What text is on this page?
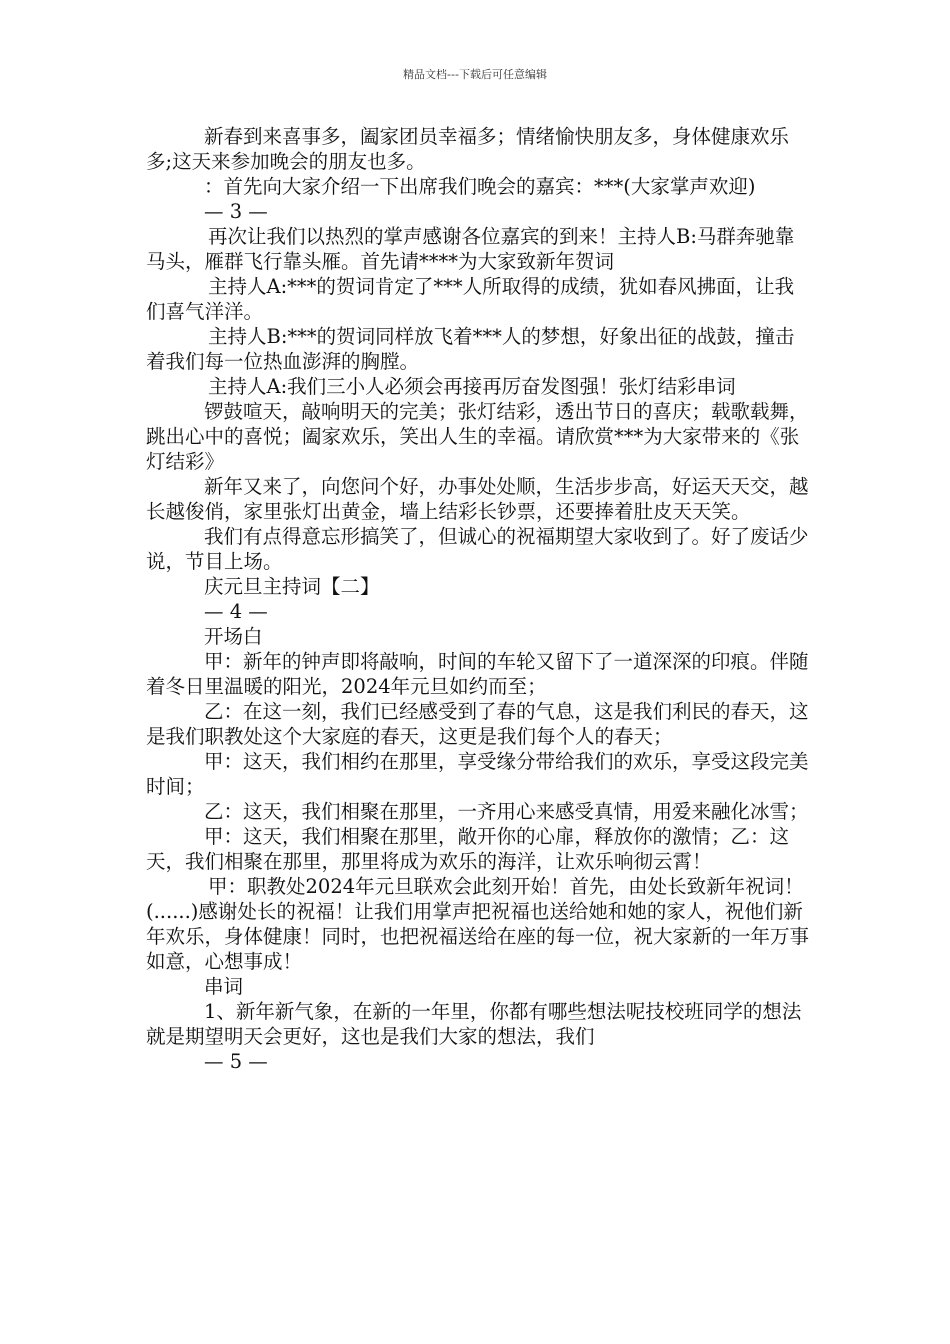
精品文档---下载后可任意编辑
新春到来喜事多，阖家团员幸福多；情绪愉快朋友多，身体健康欢乐多;这天来参加晚会的朋友也多。
：首先向大家介绍一下出席我们晚会的嘉宾：***(大家掌声欢迎)
— 3 —
再次让我们以热烈的掌声感谢各位嘉宾的到来！主持人B:马群奔驰靠马头，雁群飞行靠头雁。首先请****为大家致新年贺词
主持人A:***的贺词肯定了***人所取得的成绩，犹如春风拂面，让我们喜气洋洋。
主持人B:***的贺词同样放飞着***人的梦想，好象出征的战鼓，撞击着我们每一位热血澎湃的胸膛。
主持人A:我们三小人必须会再接再厉奋发图强！张灯结彩串词
锣鼓喧天，敲响明天的完美；张灯结彩，透出节日的喜庆；载歌载舞，跳出心中的喜悦；阖家欢乐，笑出人生的幸福。请欣赏***为大家带来的《张灯结彩》
新年又来了，向您问个好，办事处处顺，生活步步高，好运天天交，越长越俊俏，家里张灯出黄金，墙上结彩长钞票，还要捧着肚皮天天笑。
我们有点得意忘形搞笑了，但诚心的祝福期望大家收到了。好了废话少说，节目上场。
庆元旦主持词【二】
— 4 —
开场白
甲：新年的钟声即将敲响，时间的车轮又留下了一道深深的印痕。伴随着冬日里温暖的阳光，2024年元旦如约而至；
乙：在这一刻，我们已经感受到了春的气息，这是我们利民的春天，这是我们职教处这个大家庭的春天，这更是我们每个人的春天；
甲：这天，我们相约在那里，享受缘分带给我们的欢乐，享受这段完美时间；
乙：这天，我们相聚在那里，一齐用心来感受真情，用爱来融化冰雪；
甲：这天，我们相聚在那里，敞开你的心扉，释放你的激情；乙：这天，我们相聚在那里，那里将成为欢乐的海洋，让欢乐响彻云霄！
甲：职教处2024年元旦联欢会此刻开始！首先，由处长致新年祝词！(......)感谢处长的祝福！让我们用掌声把祝福也送给她和她的家人，祝他们新年欢乐，身体健康！同时，也把祝福送给在座的每一位，祝大家新的一年万事如意，心想事成！
串词
1、新年新气象，在新的一年里，你都有哪些想法呢技校班同学的想法就是期望明天会更好，这也是我们大家的想法，我们
— 5 —
